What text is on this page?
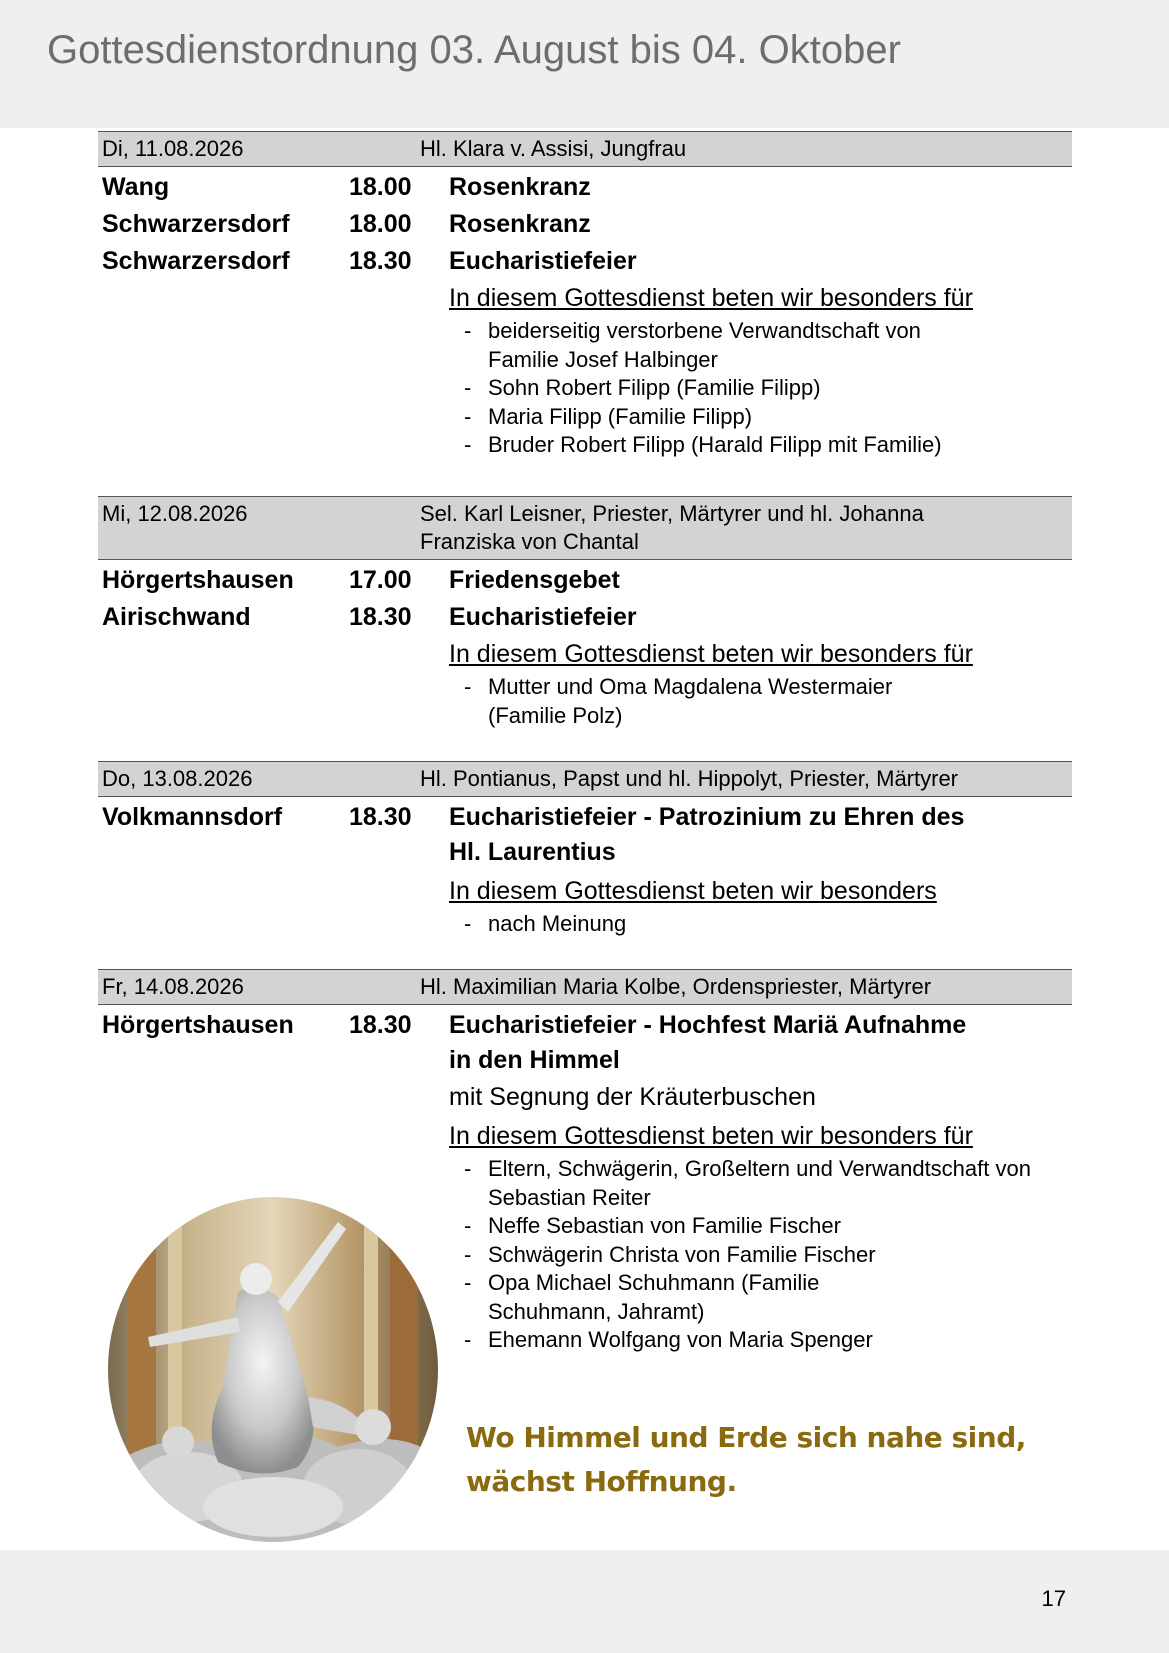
Gottesdienstordnung 03. August bis 04. Oktober
Di, 11.08.2026	Hl. Klara v. Assisi, Jungfrau
Wang	18.00 Rosenkranz
Schwarzersdorf 18.00 Rosenkranz
Schwarzersdorf 18.30 Eucharistiefeier
In diesem Gottesdienst beten wir besonders für
- beiderseitig verstorbene Verwandtschaft von Familie Josef Halbinger
- Sohn Robert Filipp (Familie Filipp)
- Maria Filipp (Familie Filipp)
- Bruder Robert Filipp (Harald Filipp mit Familie)
Mi, 12.08.2026	Sel. Karl Leisner, Priester, Märtyrer und hl. Johanna Franziska von Chantal
Hörgertshausen 17.00 Friedensgebet
Airischwand	18.30 Eucharistiefeier
In diesem Gottesdienst beten wir besonders für
- Mutter und Oma Magdalena Westermaier (Familie Polz)
Do, 13.08.2026	Hl. Pontianus, Papst und hl. Hippolyt, Priester, Märtyrer
Volkmannsdorf	18.30 Eucharistiefeier - Patrozinium zu Ehren des
Hl. Laurentius
In diesem Gottesdienst beten wir besonders
- nach Meinung
Fr, 14.08.2026	Hl. Maximilian Maria Kolbe, Ordenspriester, Märtyrer
Hörgertshausen 18.30 Eucharistiefeier - Hochfest Mariä Aufnahme
in den Himmel
mit Segnung der Kräuterbuschen
In diesem Gottesdienst beten wir besonders für
- Eltern, Schwägerin, Großeltern und Verwandtschaft von Sebastian Reiter
- Neffe Sebastian von Familie Fischer
- Schwägerin Christa von Familie Fischer
- Opa Michael Schuhmann (Familie Schuhmann, Jahramt)
- Ehemann Wolfgang von Maria Spenger
Wo Himmel und Erde sich nahe sind,
wächst Hoffnung.
17
